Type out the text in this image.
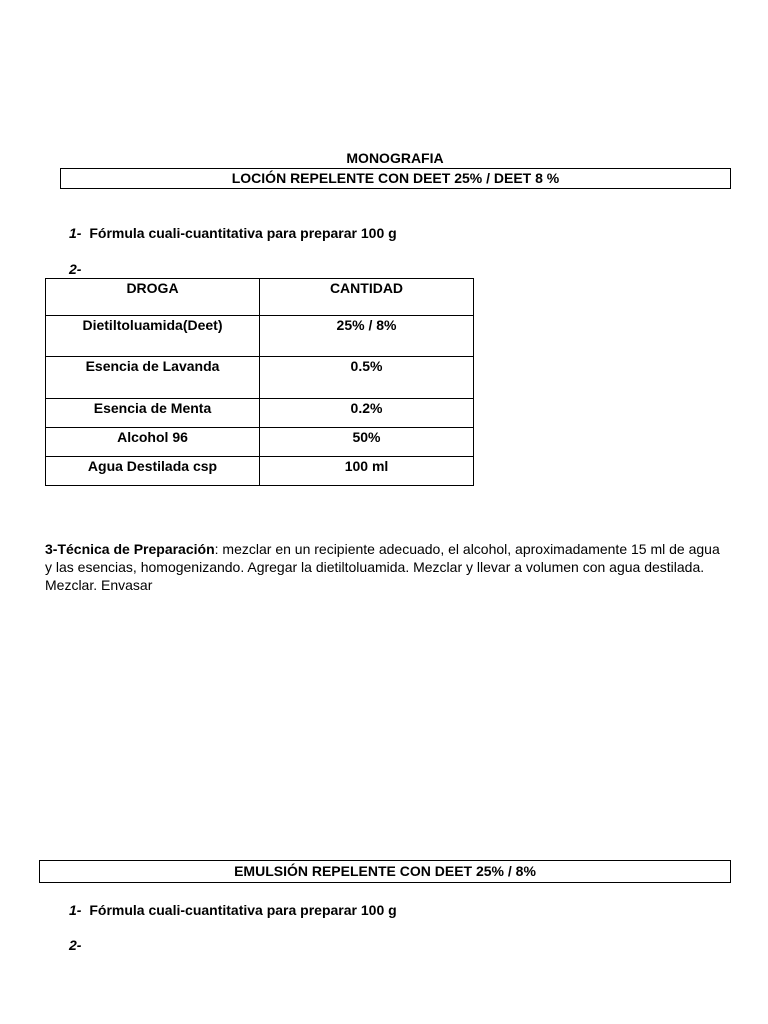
MONOGRAFIA
LOCIÓN REPELENTE CON DEET 25% / DEET 8 %
1- Fórmula cuali-cuantitativa para preparar 100 g
2-
DROGA	CANTIDAD

Dietiltoluamida(Deet)	25% / 8%

Esencia de Lavanda	0.5%

Esencia de Menta	0.2%

Alcohol 96	50%

Agua Destilada csp	100 ml
3-Técnica de Preparación: mezclar en un recipiente adecuado, el alcohol, aproximadamente 15 ml de agua y las esencias, homogenizando. Agregar la dietiltoluamida. Mezclar y llevar a volumen con agua destilada. Mezclar. Envasar
EMULSIÓN REPELENTE CON DEET 25% / 8%
1- Fórmula cuali-cuantitativa para preparar 100 g
2-
